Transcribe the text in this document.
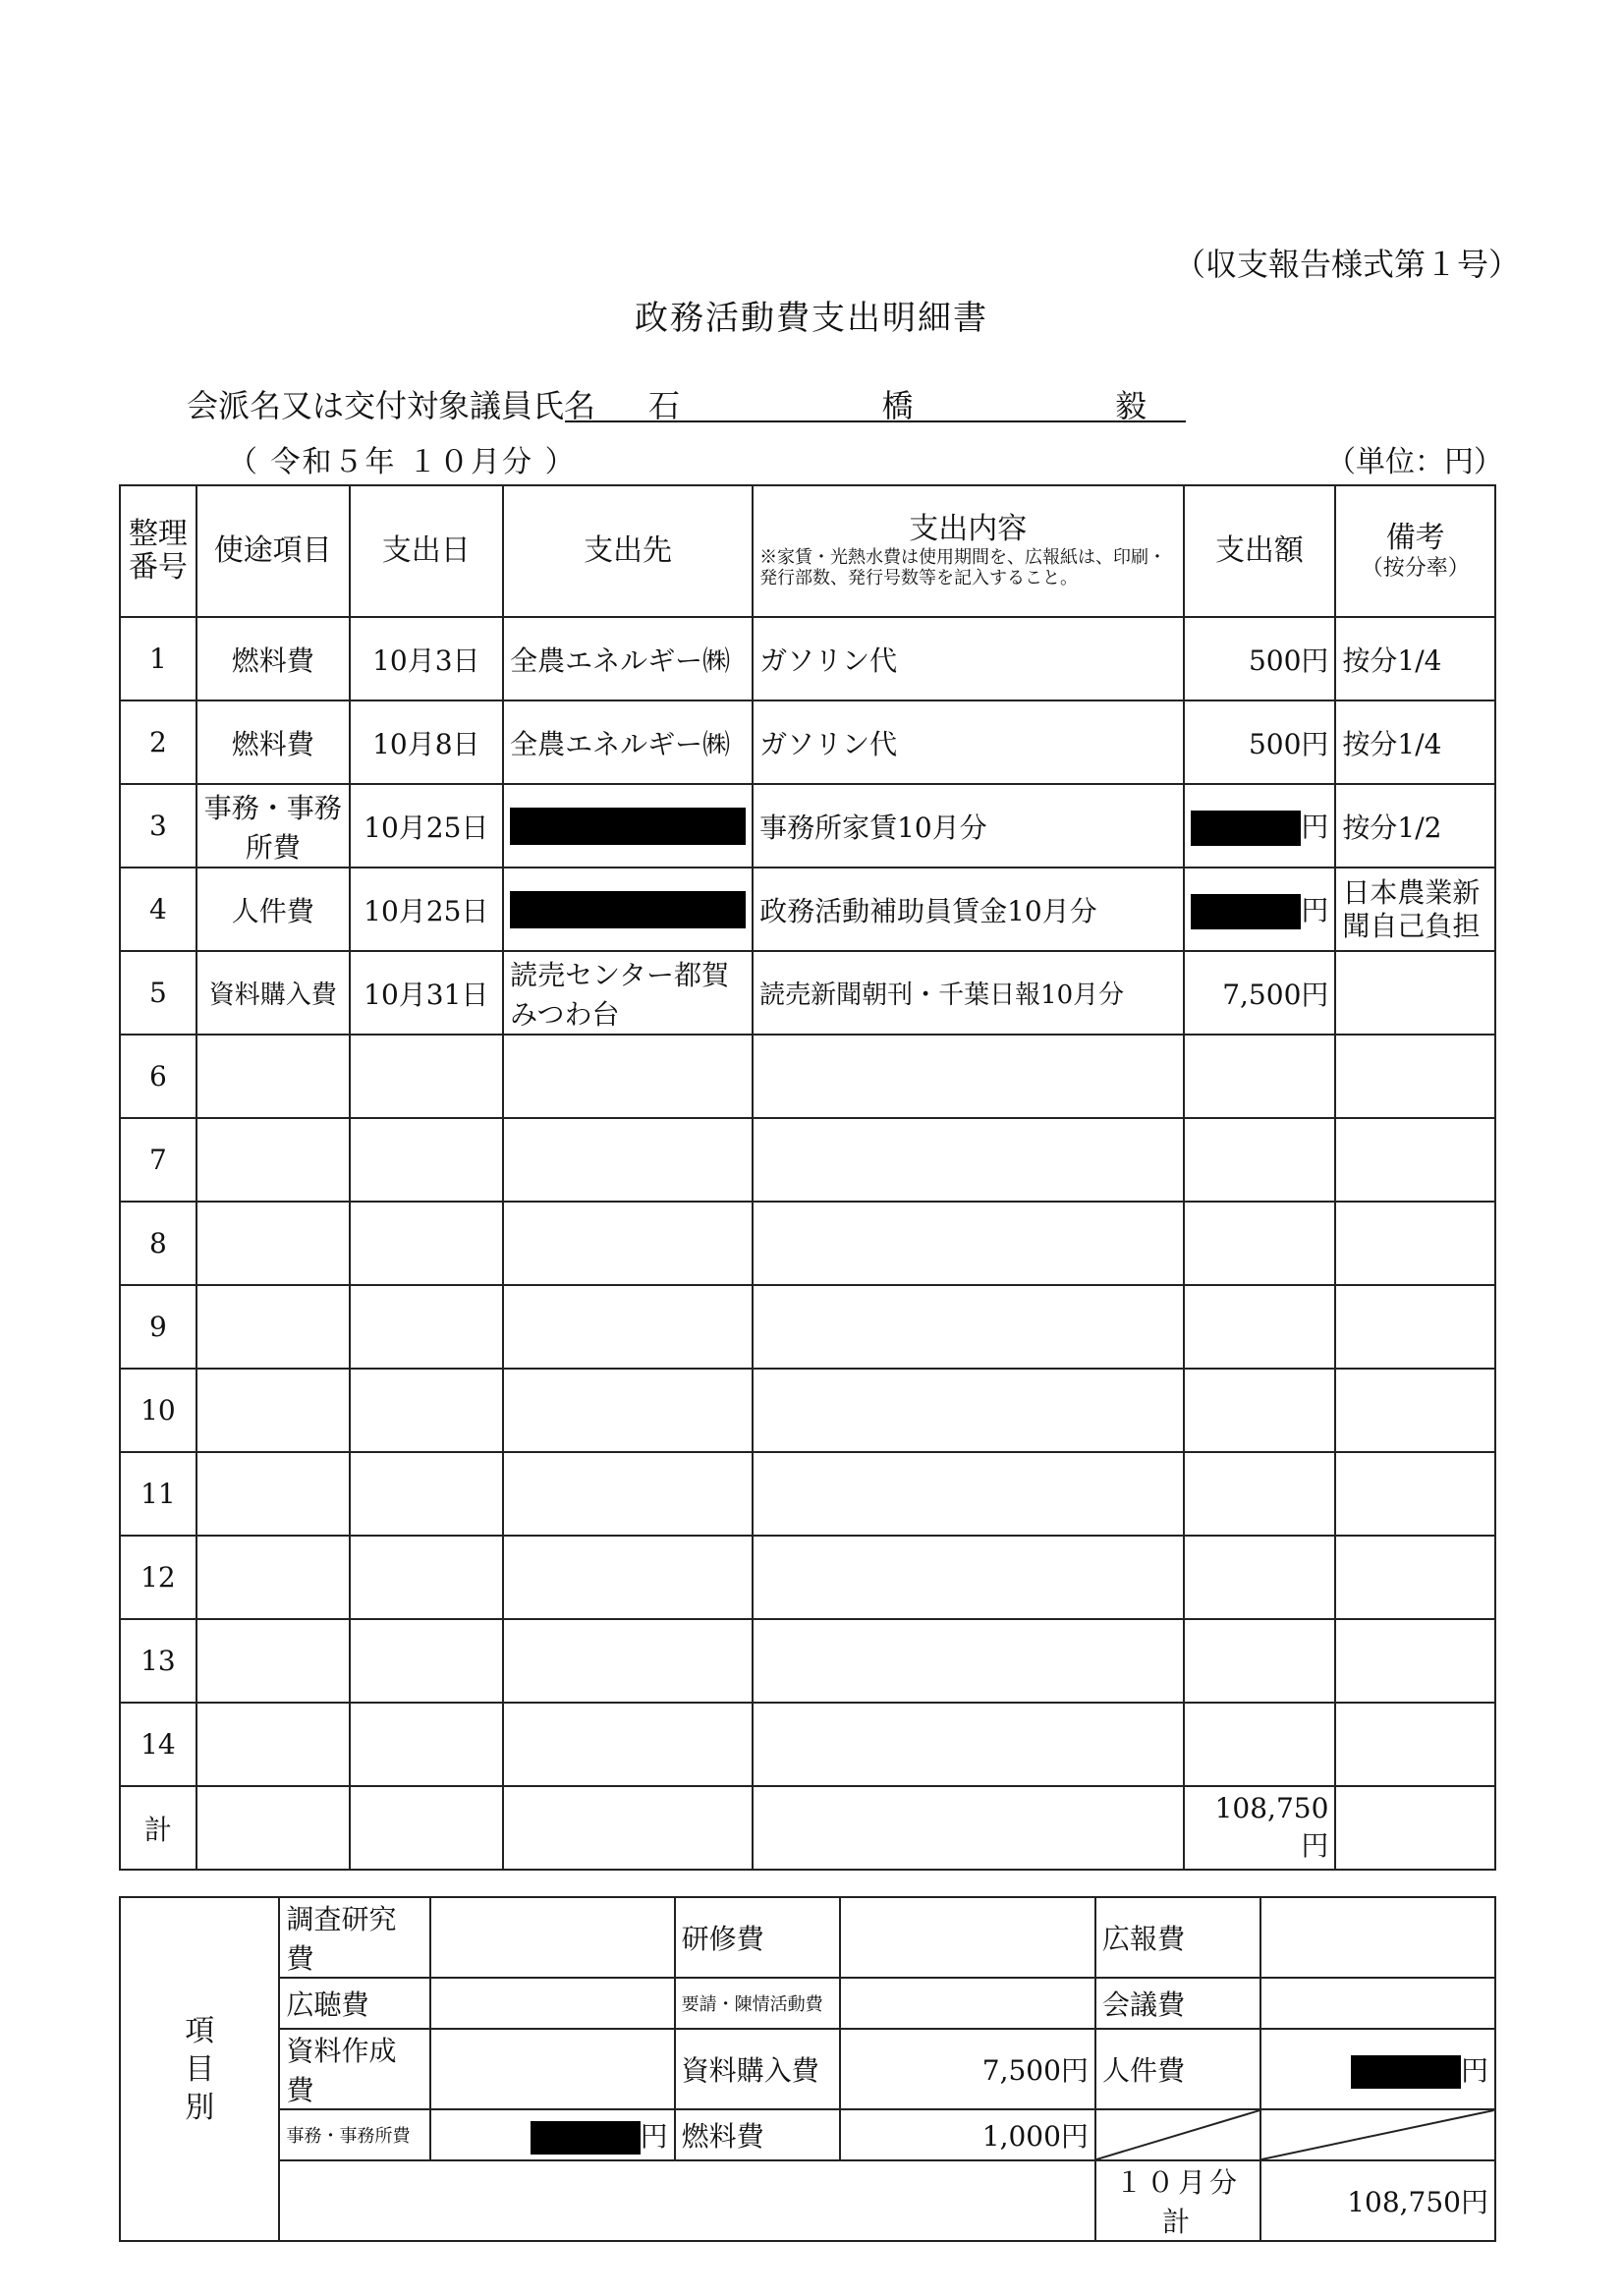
（収支報告様式第１号）
政務活動費支出明細書
会派名又は交付対象議員氏名 石	橋	毅
（ 令和５年 １０月分 ）	（単位：円）
整理番号	使途項目	支出日	支出先	支出内容
※家賃・光熱水費は使用期間を、広報紙は、印刷・発行部数、発行号数等を記入すること。	支出額	備考
（按分率）

1	燃料費	10月3日	全農エネルギー㈱	ガソリン代	500円	按分1/4
2	燃料費	10月8日	全農エネルギー㈱	ガソリン代	500円	按分1/4
3	事務・事務所費	10月25日		事務所家賃10月分	円	按分1/2
4	人件費	10月25日		政務活動補助員賃金10月分	円	日本農業新聞自己負担
5	資料購入費	10月31日	読売センター都賀みつわ台	読売新聞朝刊・千葉日報10月分	7,500円	
6						
7						
8						
9						
10						
11						
12						
13						
14						
計					108,750円	
項
目
別	調査研究費		研修費		広報費	
	広聴費		要請・陳情活動費		会議費	
	資料作成費		資料購入費	7,500円	人件費	円
	事務・事務所費	円	燃料費	1,000円	

					１０月分計	108,750円
